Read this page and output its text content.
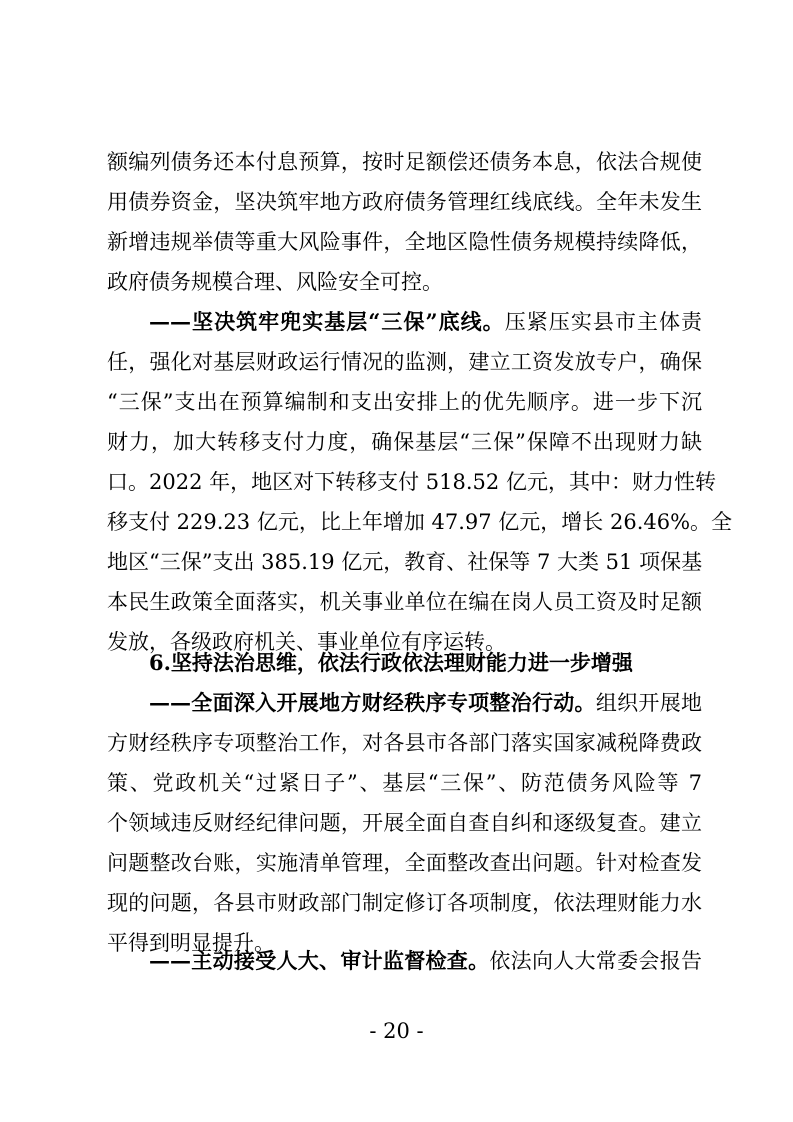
额编列债务还本付息预算，按时足额偿还债务本息，依法合规使
用债券资金，坚决筑牢地方政府债务管理红线底线。全年未发生
新增违规举债等重大风险事件，全地区隐性债务规模持续降低，
政府债务规模合理、风险安全可控。
——坚决筑牢兜实基层“三保”底线。压紧压实县市主体责
任，强化对基层财政运行情况的监测，建立工资发放专户，确保
“三保”支出在预算编制和支出安排上的优先顺序。进一步下沉
财力，加大转移支付力度，确保基层“三保”保障不出现财力缺
口。2022 年，地区对下转移支付 518.52 亿元，其中：财力性转
移支付 229.23 亿元，比上年增加 47.97 亿元，增长 26.46%。全
地区“三保”支出 385.19 亿元，教育、社保等 7 大类 51 项保基
本民生政策全面落实，机关事业单位在编在岗人员工资及时足额
发放，各级政府机关、事业单位有序运转。
6.坚持法治思维，依法行政依法理财能力进一步增强
——全面深入开展地方财经秩序专项整治行动。组织开展地
方财经秩序专项整治工作，对各县市各部门落实国家减税降费政
策、党政机关“过紧日子”、基层“三保”、防范债务风险等 7
个领域违反财经纪律问题，开展全面自查自纠和逐级复查。建立
问题整改台账，实施清单管理，全面整改查出问题。针对检查发
现的问题，各县市财政部门制定修订各项制度，依法理财能力水
平得到明显提升。
——主动接受人大、审计监督检查。依法向人大常委会报告
- 20 -
